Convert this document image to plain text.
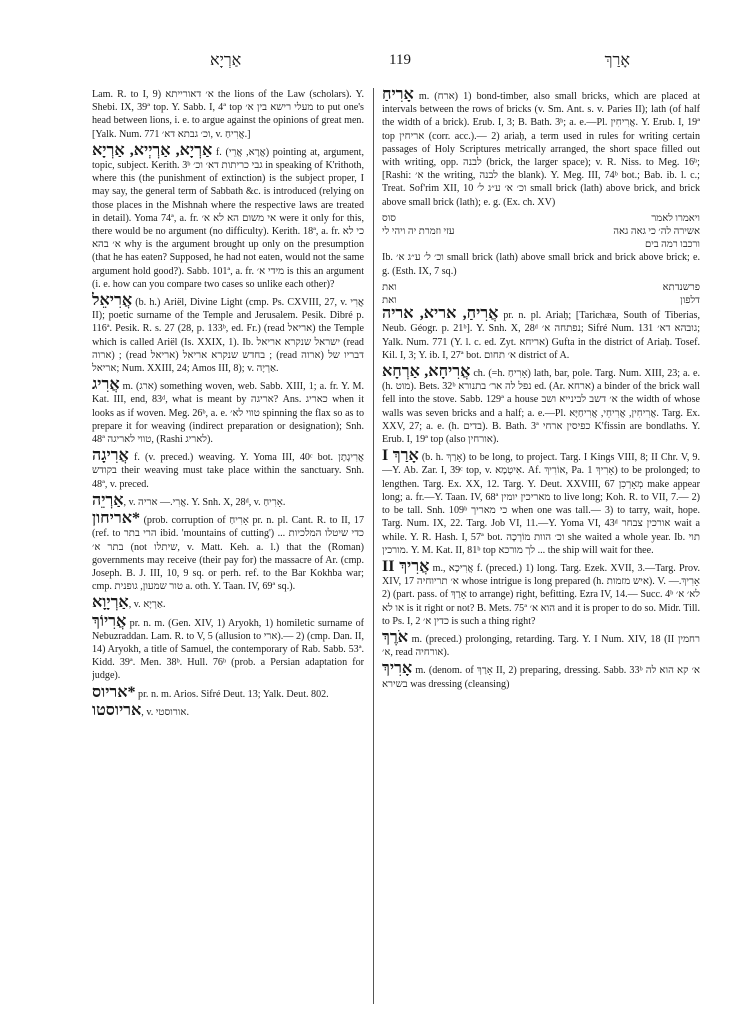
אַרְיָא	119	אָרַךְ

Lam. R. to I, 9) א׳ דאורייתא the lions of the Law (scholars). Y. Shebi. IX, 39ª top. Y. Sabb. I, 4ª top מעלי רישא בין א׳ to put one's head between lions, i. e. to argue against the opinions of great men. [Yalk. Num. 771 וכ׳ גבתא דא׳, v. אֲרִיחַ.]

אַרְיָא, אַרְיְיא, אַרְיָא f. (אֲרָא, אֲרֵי) pointing at, argument, topic, subject. Kerith. 3ᵇ גבי כריתות דא׳ וכ׳ in speaking of K'rithoth, where this (the punishment of extinction) is the subject proper, I may say, the general term of Sabbath &c. is introduced (relying on those places in the Mishnah where the respective laws are treated in detail). Yoma 74ª, a. fr. אי משום הא לא א׳ were it only for this, there would be no argument (no difficulty). Kerith. 18ª, a. fr. כי לא א׳ בהא why is the argument brought up only on the presumption (that he has eaten? Supposed, he had not eaten, would not the same argument hold good?). Sabb. 101ª, a. fr. מידי א׳ is this an argument (i. e. how can you compare two cases so unlike each other)?

אֲרִיאֵל (b. h.) Ariël, Divine Light (cmp. Ps. CXVIII, 27, v. אֲרִי II); poetic surname of the Temple and Jerusalem. Pesik. Dibré p. 116ª. Pesik. R. s. 27 (28, p. 133ᵇ, ed. Fr.) (read אריאל) the Temple which is called Ariël (Is. XXIX, 1). Ib. ישראל שנקרא אריאל (read ארוה) ; (read אריאל) בחדש שנקרא אריאל ; (read ארוה) דבריו של אריאל; Num. XXIII, 24; Amos III, 8); v. אַרְיָה.

אֲרִיג m. (ארג) something woven, web. Sabb. XIII, 1; a. fr. Y. M. Kat. III, end, 83ᵈ, what is meant by אריגה? Ans. כאריג when it looks as if woven. Meg. 26ᵇ, a. e. טווי לא׳ spinning the flax so as to prepare it for weaving (indirect preparation or designation); Snh. 48ª טווי לאריגה, (Rashi לאריג).

אֲרִיגָה f. (v. preced.) weaving. Y. Yoma III, 40ᶜ bot. אֲרִיגָתָן בקודש their weaving must take place within the sanctuary. Snh. 48ª, v. preced.

אַרְיֵה, v. אֲרִי.— אריה. Y. Snh. X, 28ᵈ, v. אָרִיחַ.

*אריחון (prob. corruption of אָרִיחַ pr. n. pl. Cant. R. to II, 17 (ref. to הרי בתר ibid. 'mountains of cutting') כדי שיטלו המלכיות ... בתר א׳ (not שיתלו, v. Matt. Keh. a. l.) that the (Roman) governments may receive (their pay for) the massacre of Ar. (cmp. Joseph. B. J. III, 10, 9 sq. or perh. ref. to the Bar Kokhba war; cmp. טור שמעון, גופנית a. oth. Y. Taan. IV, 69ª sq.).

אַרְיָוָא, v. אַרְיָא.

אֲרִיוֹךְ pr. n. m. (Gen. XIV, 1) Aryokh, 1) homiletic surname of Nebuzraddan. Lam. R. to V, 5 (allusion to ארי).— 2) (cmp. Dan. II, 14) Aryokh, a title of Samuel, the contemporary of Rab. Sabb. 53ª. Kidd. 39ª. Men. 38ᵇ. Hull. 76ᵇ (prob. a Persian adaptation for judge).

*אריוס pr. n. m. Arios. Sifré Deut. 13; Yalk. Deut. 802.

אריוסטו, v. אורוסטי.

אָרִיחַ m. (ארח) 1) bond-timber, also small bricks, which are placed at intervals between the rows of bricks (v. Sm. Ant. s. v. Paries II); lath (of half the width of a brick). Erub. I, 3; B. Bath. 3ᵇ; a. e.—Pl. אֲרִיחִין. Y. Erub. I, 19ª top אריחין (corr. acc.).— 2) ariaḥ, a term used in rules for writing certain passages of Holy Scriptures metrically arranged, the short space filled out with writing, opp. לבנה (brick, the larger space); v. R. Niss. to Meg. 16ᵇ; [Rashi: א׳ the writing, לבנה the blank). Y. Meg. III, 74ᵇ bot.; Bab. ib. l. c.; Treat. Sof'rim XII, 10 וכ׳ א׳ ע״ג ל׳ small brick (lath) above brick, and brick above small brick (lath); e. g. (Ex. ch. XV)

סוס	ויאמרו לאמר
עזי וזמרת יה ויהי לי	אשירה לה׳ כי גאה גאה
ורכבו רמה בים

Ib. וכ׳ ל׳ ע״ג א׳ small brick (lath) above small brick and brick above brick; e. g. (Esth. IX, 7 sq.)

ואת	פרשנדתא
ואת	דלפון

אֲרִיחַ, אריא, אריה pr. n. pl. Ariaḥ; [Tarichæa, South of Tiberias, Neub. Géogr. p. 21ᵇ]. Y. Snh. X, 28ᵈ נפתחה א׳; Sifré Num. 131 גובהא דא׳; Yalk. Num. 771 (Y. l. c. ed. Zyt. אריחא) Gufta in the district of Ariaḥ. Tosef. Kil. I, 3; Y. ib. I, 27ª bot. א׳ תחום district of A.

אֲרִיחָא, אַרְחָא ch. (=h. אָרִיחַ) lath, bar, pole. Targ. Num. XIII, 23; a. e. (h. מוט). Bets. 32ᵇ נפל לה אר׳ בתנורא ed. (Ar. ארחא) a binder of the brick wall fell into the stove. Sabb. 129ª a house א׳ דשב לבינייא ושב the width of whose walls was seven bricks and a half; a. e.—Pl. אֲרִיחִין, אֲרִיחֵי, אֲרִיחַיָּא. Targ. Ex. XXV, 27; a. e. (h. בדים). B. Bath. 3ª כפיסין ארחי K'fissin are bondlaths. Y. Erub. I, 19ª top (also אורחין).

אָרַךְ I (b. h. אָרַךְ) to be long, to project. Targ. I Kings VIII, 8; II Chr. V, 9.—Y. Ab. Zar. I, 39ᶜ top, v. אִיטְמָא. Af. אוֹרִיךְ, Pa. אָרִיךְ 1) to be prolonged; to lengthen. Targ. Ex. XX, 12. Targ. Y. Deut. XXVIII, 67 מְאָרְכִן make appear long; a. fr.—Y. Taan. IV, 68ª מאריכין יומין to live long; Koh. R. to VII, 7.— 2) to be tall. Snh. 109ᵇ כי מאריך when one was tall.— 3) to tarry, wait, hope. Targ. Num. IX, 22. Targ. Job VI, 11.—Y. Yoma VI, 43ᵈ אורכין צבחר wait a while. Y. R. Hash. I, 57ª bot. וכ׳ הוות מוֹרְכָה she waited a whole year. Ib. תוי מורכין. Y. M. Kat. II, 81ᵇ top לך מורכא ... the ship will wait for thee.

אֲרִיךְ II m., אֲרִיכָא f. (preced.) 1) long. Targ. Ezek. XVII, 3.—Targ. Prov. XIV, 17 א׳ תריוחיה whose intrigue is long prepared (h. איש מזמות). V. אָרִיךְ.— 2) (part. pass. of אָרַךְ to arrange) right, befitting. Ezra IV, 14.— Succ. 4ᵇ לא׳ א׳ או לא is it right or not? B. Mets. 75ª הוא א׳ and it is proper to do so. Midr. Till. to Ps. I, 2 כדין א׳ is such a thing right?

אֹרֶךְ m. (preced.) prolonging, retarding. Targ. Y. I Num. XIV, 18 (II רחמין א׳, read אורחיה).

אָרִיךְ m. (denom. of אָרַךְ II, 2) preparing, dressing. Sabb. 33ᵇ א׳ קא הוא לה בשירא was dressing (cleansing)
